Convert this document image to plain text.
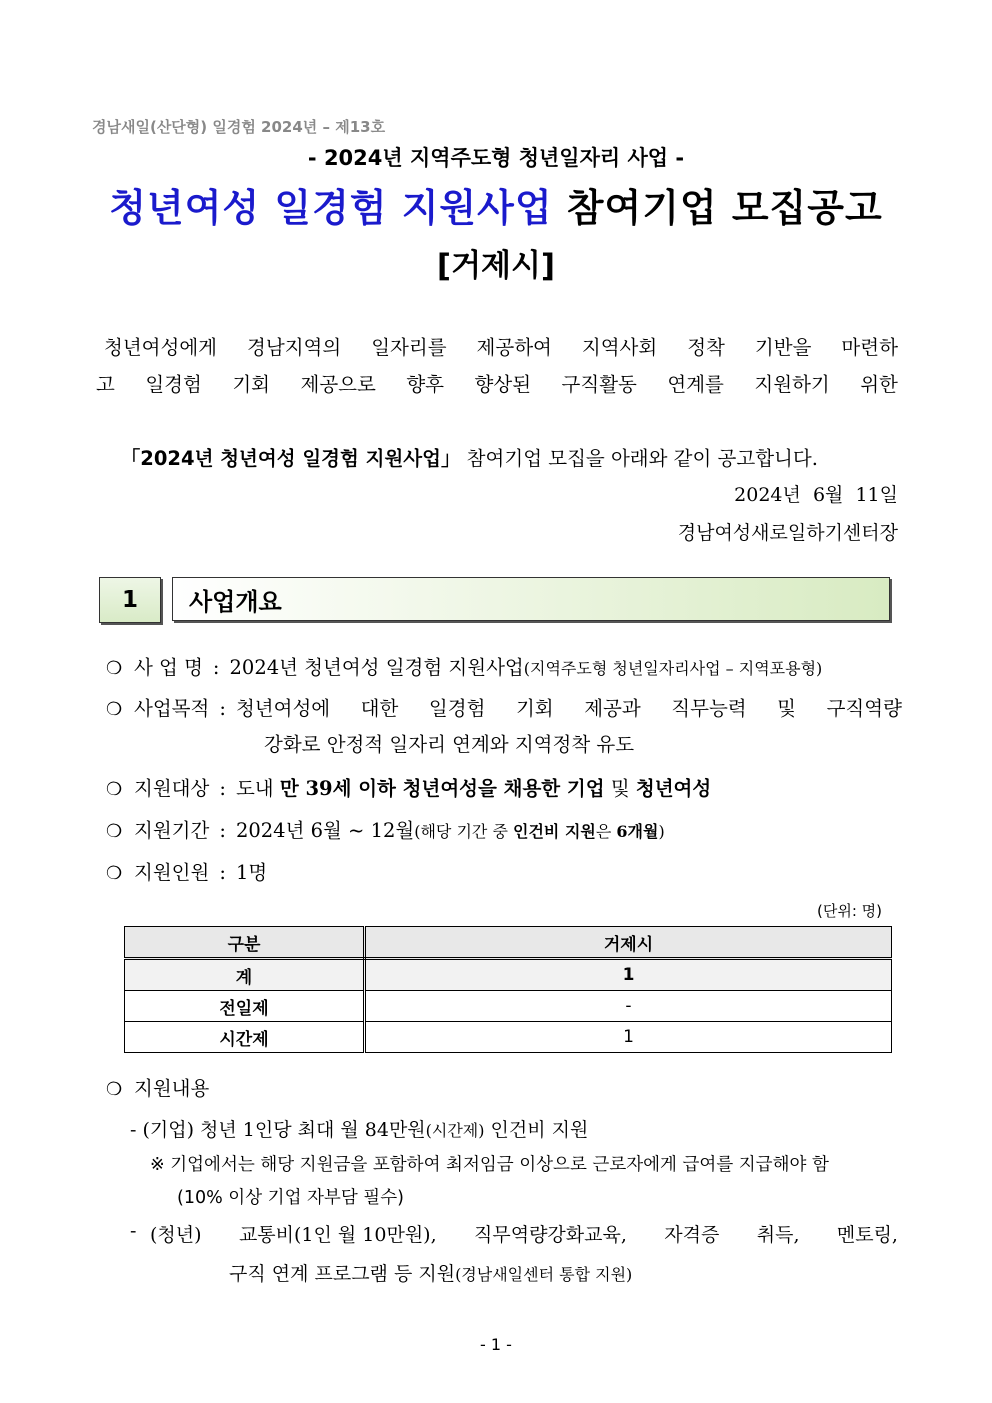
경남새일(산단형) 일경험 2024년 – 제13호
- 2024년 지역주도형 청년일자리 사업 -
청년여성 일경험 지원사업 참여기업 모집공고
[거제시]
청년여성에게 경남지역의 일자리를 제공하여 지역사회 정착 기반을 마련하
고 일경험 기회 제공으로 향후 향상된 구직활동 연계를 지원하기 위한

「2024년 청년여성 일경험 지원사업」 참여기업 모집을 아래와 같이 공고합니다.

2024년  6월  11일
경남여성새로일하기센터장
1	사업개요
❍ 사 업 명 : 2024년 청년여성 일경험 지원사업(지역주도형 청년일자리사업 – 지역포용형)
❍ 사업목적 : 청년여성에 대한 일경험 기회 제공과 직무능력 및 구직역량
강화로 안정적 일자리 연계와 지역정착 유도
❍ 지원대상 : 도내 만 39세 이하 청년여성을 채용한 기업 및 청년여성
❍ 지원기간 : 2024년 6월 ~ 12월(해당 기간 중 인건비 지원은 6개월)
❍ 지원인원 : 1명
(단위: 명)
구분	거제시
계	1
전일제	-
시간제	1
❍ 지원내용
- (기업) 청년 1인당 최대 월 84만원(시간제) 인건비 지원
※ 기업에서는 해당 지원금을 포함하여 최저임금 이상으로 근로자에게 급여를 지급해야 함
(10% 이상 기업 자부담 필수)
- (청년) 교통비(1인 월 10만원), 직무역량강화교육, 자격증 취득, 멘토링,
구직 연계 프로그램 등 지원(경남새일센터 통합 지원)
- 1 -
